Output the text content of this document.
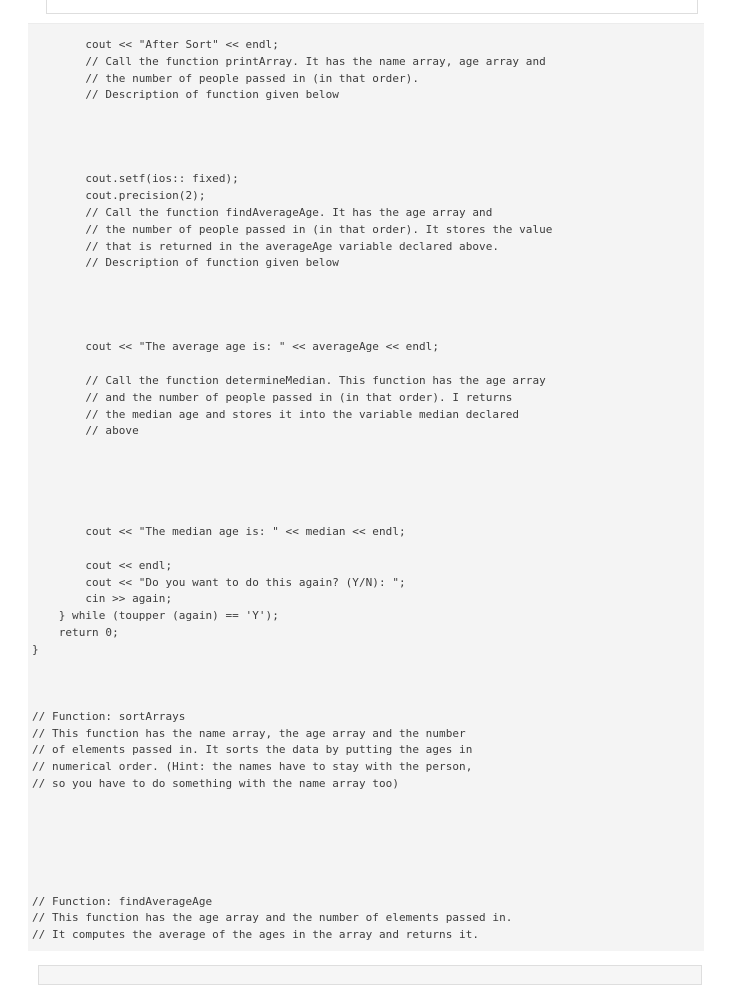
cout << "After Sort" << endl;
// Call the function printArray. It has the name array, age array and
// the number of people passed in (in that order).
// Description of function given below
cout.setf(ios:: fixed);
cout.precision(2);
// Call the function findAverageAge. It has the age array and
// the number of people passed in (in that order). It stores the value
// that is returned in the averageAge variable declared above.
// Description of function given below
cout << "The average age is: " << averageAge << endl;
// Call the function determineMedian. This function has the age array
// and the number of people passed in (in that order). I returns
// the median age and stores it into the variable median declared
// above
cout << "The median age is: " << median << endl;
cout << endl;
cout << "Do you want to do this again? (Y/N): ";
cin >> again;
} while (toupper (again) == 'Y');
return 0;
}
// Function: sortArrays
// This function has the name array, the age array and the number
// of elements passed in. It sorts the data by putting the ages in
// numerical order. (Hint: the names have to stay with the person,
// so you have to do something with the name array too)
// Function: findAverageAge
// This function has the age array and the number of elements passed in.
// It computes the average of the ages in the array and returns it.
